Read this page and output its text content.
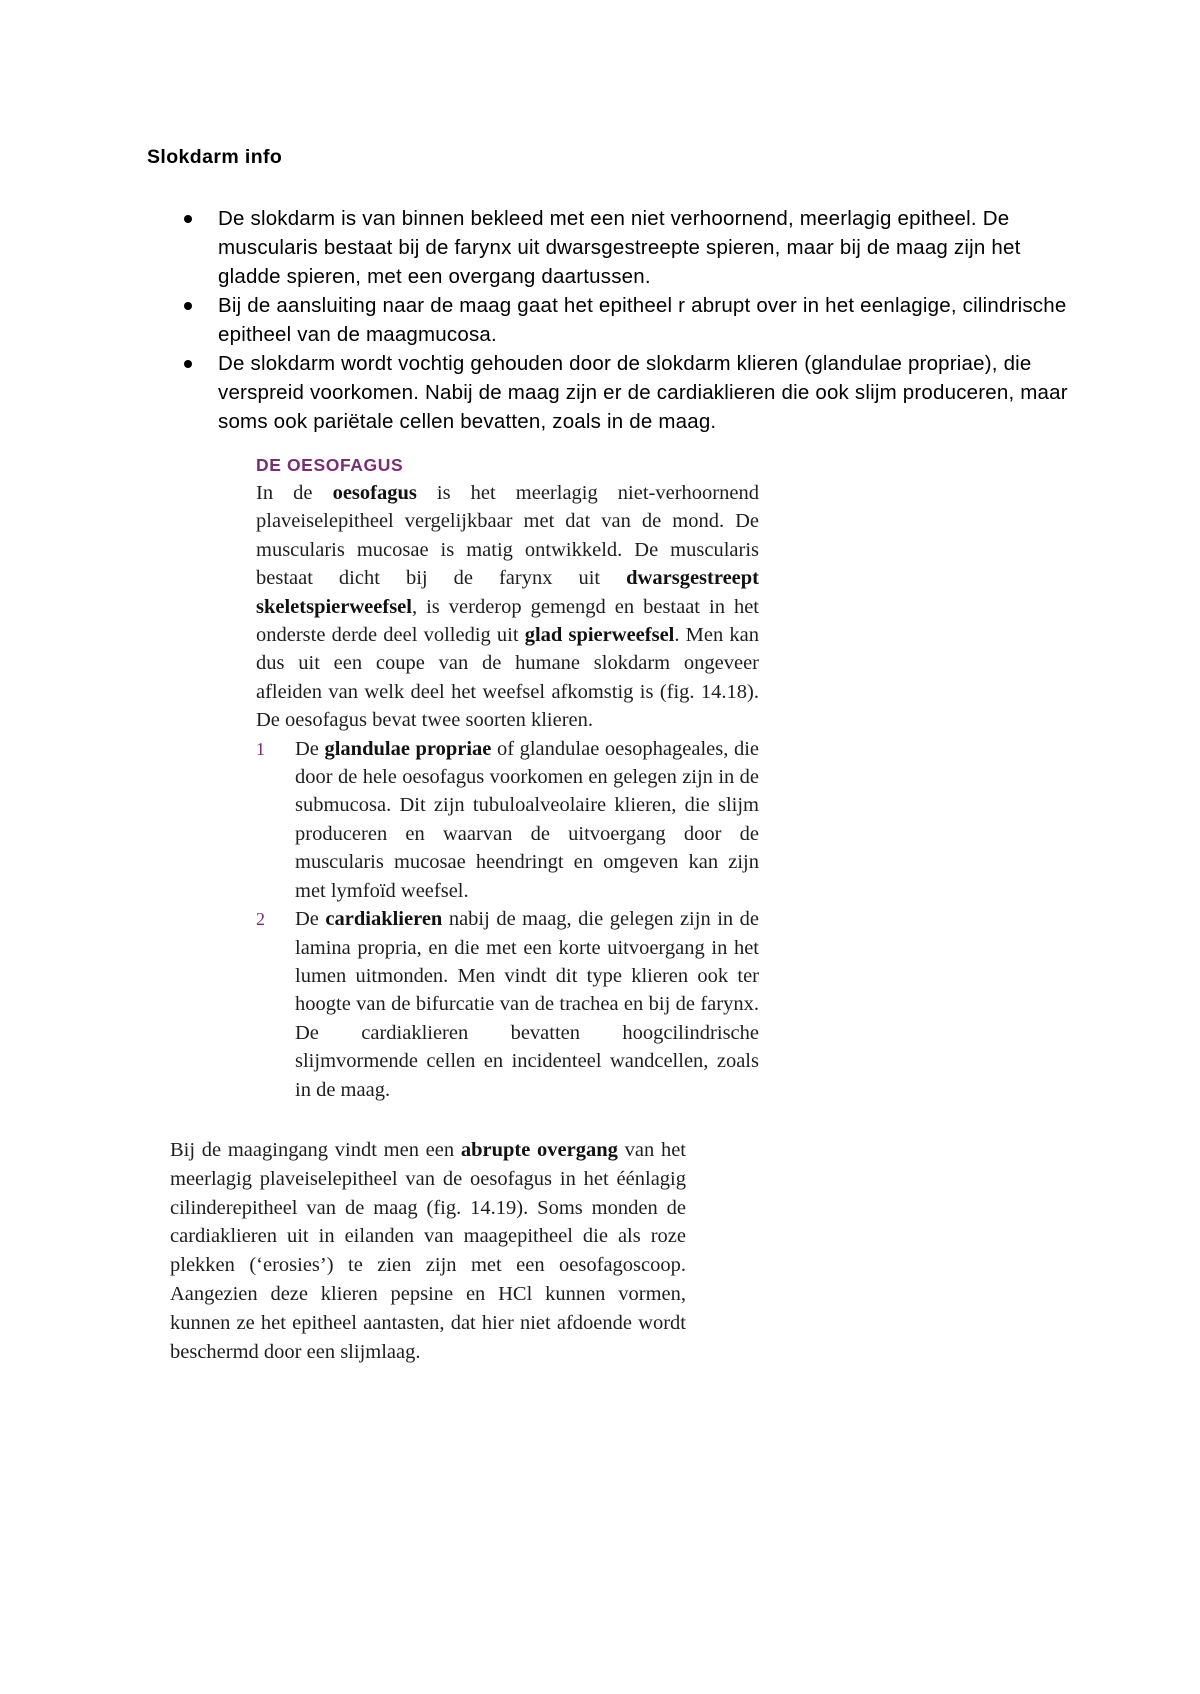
Slokdarm info
De slokdarm is van binnen bekleed met een niet verhoornend, meerlagig epitheel. De muscularis bestaat bij de farynx uit dwarsgestreepte spieren, maar bij de maag zijn het gladde spieren, met een overgang daartussen.
Bij de aansluiting naar de maag gaat het epitheel r abrupt over in het eenlagige, cilindrische epitheel van de maagmucosa.
De slokdarm wordt vochtig gehouden door de slokdarm klieren (glandulae propriae), die verspreid voorkomen. Nabij de maag zijn er de cardiaklieren die ook slijm produceren, maar soms ook pariëtale cellen bevatten, zoals in de maag.
DE OESOFAGUS

In de oesofagus is het meerlagig niet-verhoornend plaveiselepitheel vergelijkbaar met dat van de mond. De muscularis mucosae is matig ontwikkeld. De muscularis bestaat dicht bij de farynx uit dwarsgestreept skeletspierweefsel, is verderop gemengd en bestaat in het onderste derde deel volledig uit glad spierweefsel. Men kan dus uit een coupe van de humane slokdarm ongeveer afleiden van welk deel het weefsel afkomstig is (fig. 14.18). De oesofagus bevat twee soorten klieren.

1 De glandulae propriae of glandulae oesophageales, die door de hele oesofagus voorkomen en gelegen zijn in de submucosa. Dit zijn tubuloalveolaire klieren, die slijm produceren en waarvan de uitvoergang door de muscularis mucosae heendringt en omgeven kan zijn met lymfoïd weefsel.
2 De cardiaklieren nabij de maag, die gelegen zijn in de lamina propria, en die met een korte uitvoergang in het lumen uitmonden. Men vindt dit type klieren ook ter hoogte van de bifurcatie van de trachea en bij de farynx. De cardiaklieren bevatten hoogcilindrische slijmvormende cellen en incidenteel wandcellen, zoals in de maag.

Bij de maagingang vindt men een abrupte overgang van het meerlagig plaveiselepitheel van de oesofagus in het éénlagig cilinderepitheel van de maag (fig. 14.19). Soms monden de cardiaklieren uit in eilanden van maagepitheel die als roze plekken (‘erosies’) te zien zijn met een oesofagoscoop. Aangezien deze klieren pepsine en HCl kunnen vormen, kunnen ze het epitheel aantasten, dat hier niet afdoende wordt beschermd door een slijmlaag.
